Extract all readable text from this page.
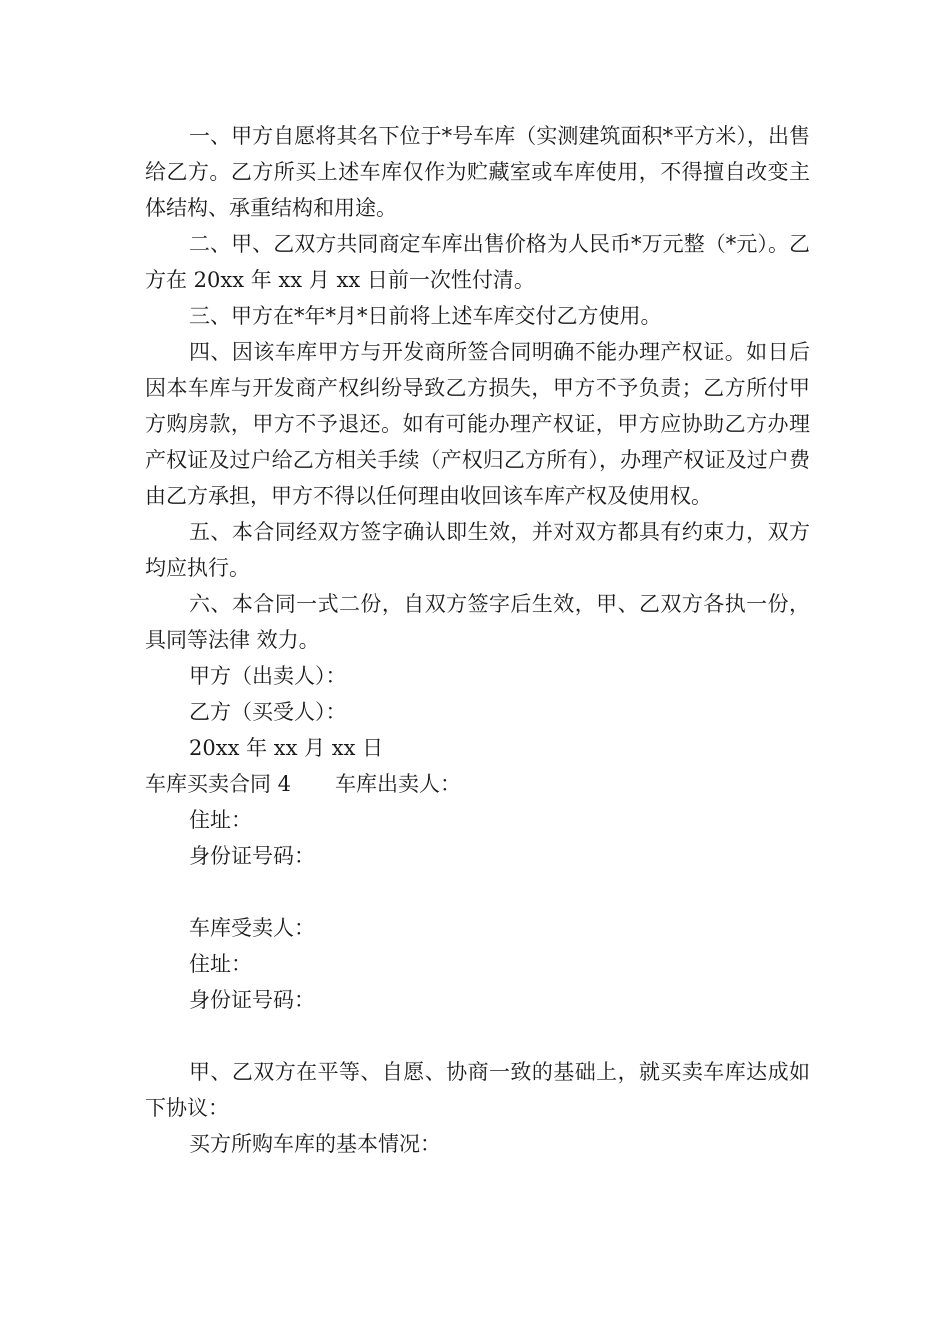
一、甲方自愿将其名下位于*号车库（实测建筑面积*平方米），出售给乙方。乙方所买上述车库仅作为贮藏室或车库使用，不得擅自改变主体结构、承重结构和用途。

二、甲、乙双方共同商定车库出售价格为人民币*万元整（*元）。乙方在 20xx 年 xx 月 xx 日前一次性付清。

三、甲方在*年*月*日前将上述车库交付乙方使用。

四、因该车库甲方与开发商所签合同明确不能办理产权证。如日后因本车库与开发商产权纠纷导致乙方损失，甲方不予负责；乙方所付甲方购房款，甲方不予退还。如有可能办理产权证，甲方应协助乙方办理产权证及过户给乙方相关手续（产权归乙方所有），办理产权证及过户费由乙方承担，甲方不得以任何理由收回该车库产权及使用权。

五、本合同经双方签字确认即生效，并对双方都具有约束力，双方均应执行。

六、本合同一式二份，自双方签字后生效，甲、乙双方各执一份，具同等法律 效力。

甲方（出卖人）：

乙方（买受人）：

20xx 年 xx 月 xx 日

车库买卖合同 4 车库出卖人：

住址：

身份证号码：

车库受卖人：

住址：

身份证号码：

甲、乙双方在平等、自愿、协商一致的基础上，就买卖车库达成如下协议：

买方所购车库的基本情况：
